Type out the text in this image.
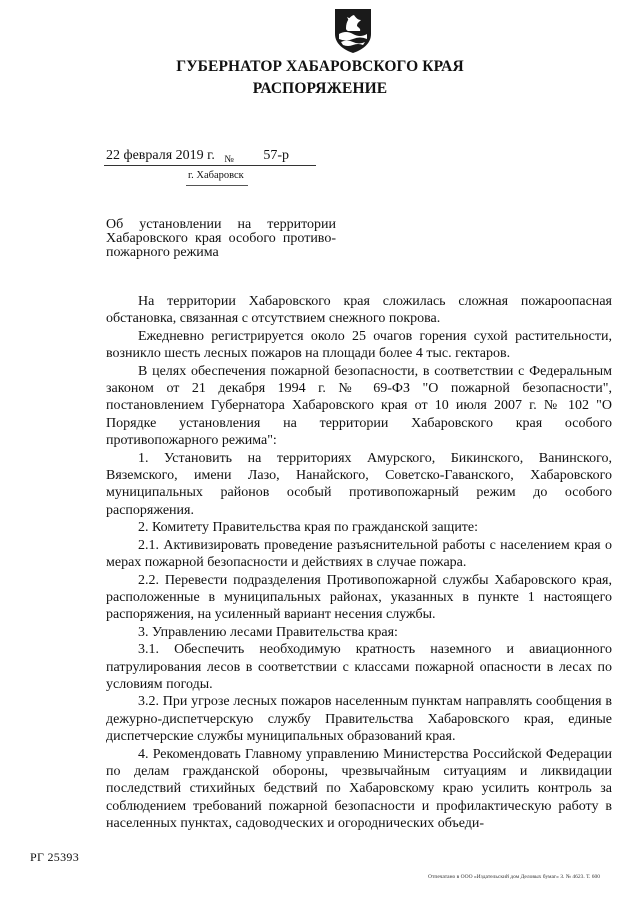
ГУБЕРНАТОР ХАБАРОВСКОГО КРАЯ
РАСПОРЯЖЕНИЕ
22 февраля 2019 г. № 57-р
г. Хабаровск
Об установлении на территории
Хабаровского края особого противо-
пожарного режима

На территории Хабаровского края сложилась сложная пожароопасная обстановка, связанная с отсутствием снежного покрова.

Ежедневно регистрируется около 25 очагов горения сухой растительности, возникло шесть лесных пожаров на площади более 4 тыс. гектаров.

В целях обеспечения пожарной безопасности, в соответствии с Федеральным законом от 21 декабря 1994 г. № 69-ФЗ "О пожарной безопасности", постановлением Губернатора Хабаровского края от 10 июля 2007 г. № 102 "О Порядке установления на территории Хабаровского края особого противопожарного режима":

1. Установить на территориях Амурского, Бикинского, Ванинского, Вяземского, имени Лазо, Нанайского, Советско-Гаванского, Хабаровского муниципальных районов особый противопожарный режим до особого распоряжения.

2. Комитету Правительства края по гражданской защите:

2.1. Активизировать проведение разъяснительной работы с населением края о мерах пожарной безопасности и действиях в случае пожара.

2.2. Перевести подразделения Противопожарной службы Хабаровского края, расположенные в муниципальных районах, указанных в пункте 1 настоящего распоряжения, на усиленный вариант несения службы.

3. Управлению лесами Правительства края:

3.1. Обеспечить необходимую кратность наземного и авиационного патрулирования лесов в соответствии с классами пожарной опасности в лесах по условиям погоды.

3.2. При угрозе лесных пожаров населенным пунктам направлять сообщения в дежурно-диспетчерскую службу Правительства Хабаровского края, единые диспетчерские службы муниципальных образований края.

4. Рекомендовать Главному управлению Министерства Российской Федерации по делам гражданской обороны, чрезвычайным ситуациям и ликвидации последствий стихийных бедствий по Хабаровскому краю усилить контроль за соблюдением требований пожарной безопасности и профилактическую работу в населенных пунктах, садоводческих и огороднических объеди-

РГ 25393
Отпечатано в ООО «Издательский дом Деловых бумаг» З. № 4623. Т. 600
